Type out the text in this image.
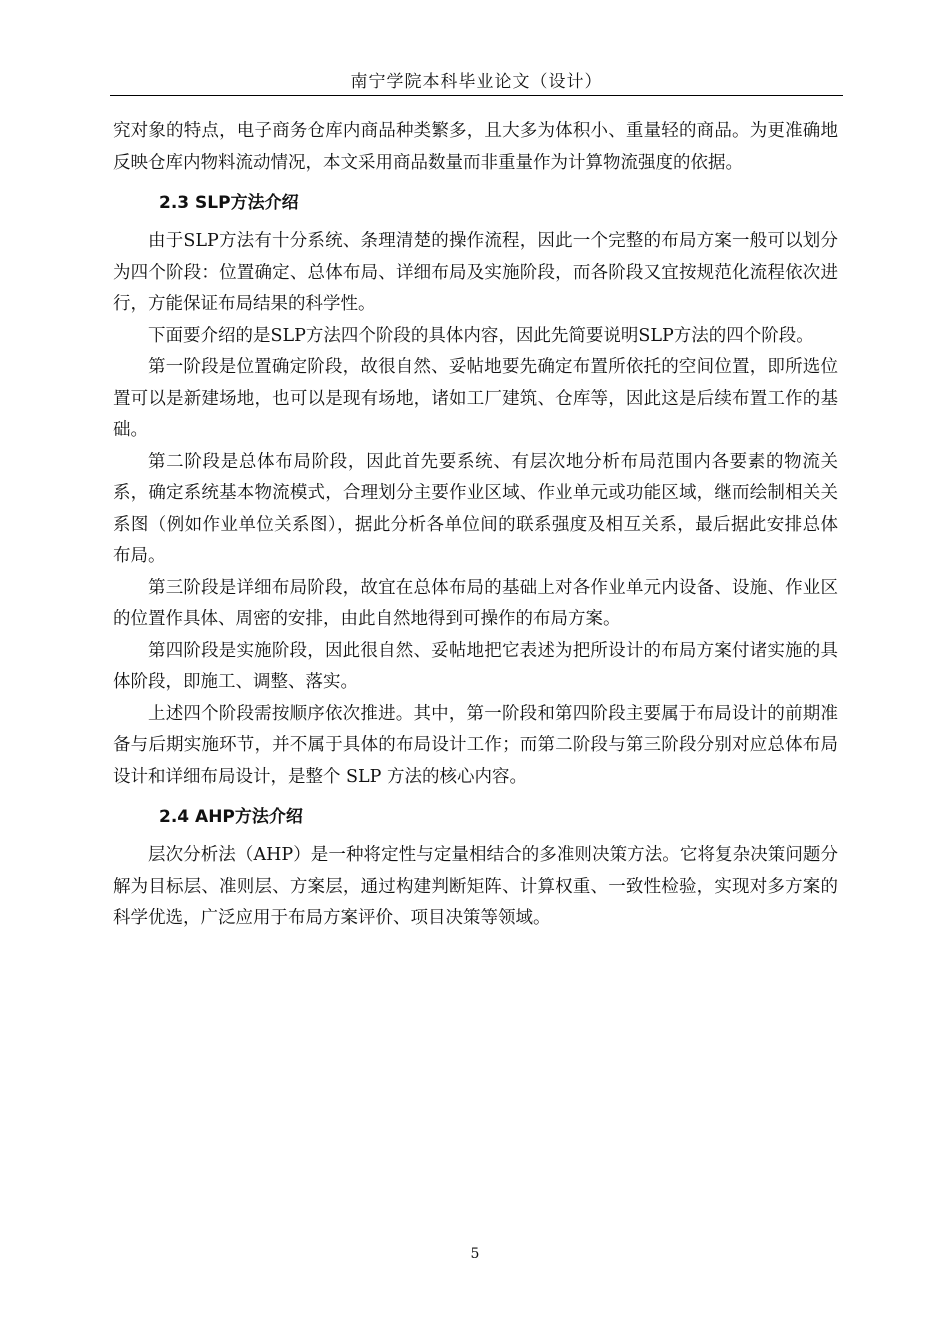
南宁学院本科毕业论文（设计）

究对象的特点，电子商务仓库内商品种类繁多，且大多为体积小、重量轻的商品。为更准确地反映仓库内物料流动情况，本文采用商品数量而非重量作为计算物流强度的依据。

2.3 SLP方法介绍

由于SLP方法有十分系统、条理清楚的操作流程，因此一个完整的布局方案一般可以划分为四个阶段：位置确定、总体布局、详细布局及实施阶段，而各阶段又宜按规范化流程依次进行，方能保证布局结果的科学性。

下面要介绍的是SLP方法四个阶段的具体内容，因此先简要说明SLP方法的四个阶段。

第一阶段是位置确定阶段，故很自然、妥帖地要先确定布置所依托的空间位置，即所选位置可以是新建场地，也可以是现有场地，诸如工厂建筑、仓库等，因此这是后续布置工作的基础。

第二阶段是总体布局阶段，因此首先要系统、有层次地分析布局范围内各要素的物流关系，确定系统基本物流模式，合理划分主要作业区域、作业单元或功能区域，继而绘制相关关系图（例如作业单位关系图），据此分析各单位间的联系强度及相互关系，最后据此安排总体布局。

第三阶段是详细布局阶段，故宜在总体布局的基础上对各作业单元内设备、设施、作业区的位置作具体、周密的安排，由此自然地得到可操作的布局方案。

第四阶段是实施阶段，因此很自然、妥帖地把它表述为把所设计的布局方案付诸实施的具体阶段，即施工、调整、落实。

上述四个阶段需按顺序依次推进。其中，第一阶段和第四阶段主要属于布局设计的前期准备与后期实施环节，并不属于具体的布局设计工作；而第二阶段与第三阶段分别对应总体布局设计和详细布局设计，是整个 SLP 方法的核心内容。

2.4 AHP方法介绍

层次分析法（AHP）是一种将定性与定量相结合的多准则决策方法。它将复杂决策问题分解为目标层、准则层、方案层，通过构建判断矩阵、计算权重、一致性检验，实现对多方案的科学优选，广泛应用于布局方案评价、项目决策等领域。

5
